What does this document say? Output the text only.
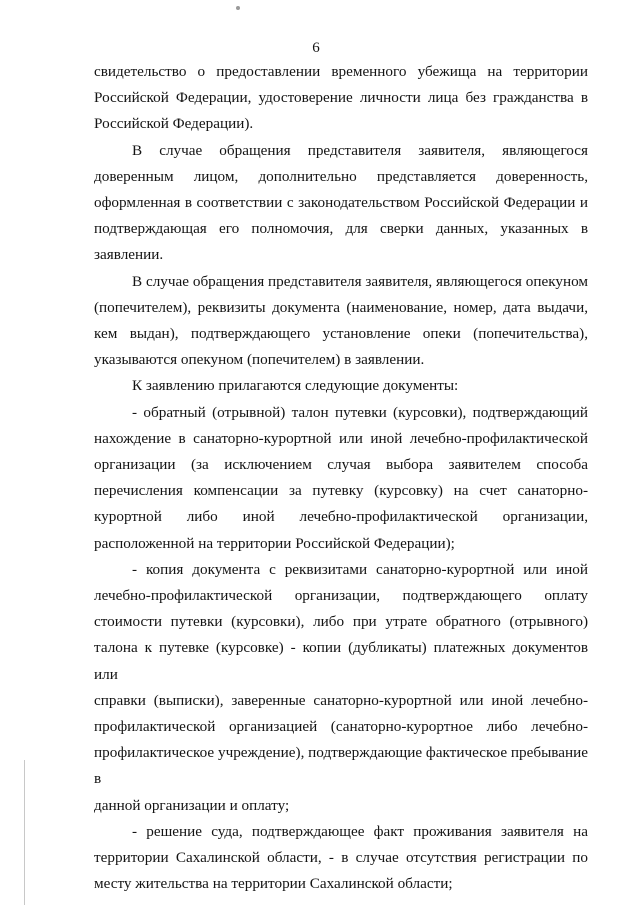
6
свидетельство о предоставлении временного убежища на территории
Российской Федерации, удостоверение личности лица без гражданства в
Российской Федерации).
В случае обращения представителя заявителя, являющегося
доверенным лицом, дополнительно представляется доверенность,
оформленная в соответствии с законодательством Российской Федерации и
подтверждающая его полномочия, для сверки данных, указанных в
заявлении.
В случае обращения представителя заявителя, являющегося опекуном
(попечителем), реквизиты документа (наименование, номер, дата выдачи,
кем выдан), подтверждающего установление опеки (попечительства),
указываются опекуном (попечителем) в заявлении.
К заявлению прилагаются следующие документы:
- обратный (отрывной) талон путевки (курсовки), подтверждающий
нахождение в санаторно-курортной или иной лечебно-профилактической
организации (за исключением случая выбора заявителем способа
перечисления компенсации за путевку (курсовку) на счет санаторно-
курортной либо иной лечебно-профилактической организации,
расположенной на территории Российской Федерации);
- копия документа с реквизитами санаторно-курортной или иной
лечебно-профилактической организации, подтверждающего оплату
стоимости путевки (курсовки), либо при утрате обратного (отрывного)
талона к путевке (курсовке) - копии (дубликаты) платежных документов или
справки (выписки), заверенные санаторно-курортной или иной лечебно-
профилактической организацией (санаторно-курортное либо лечебно-
профилактическое учреждение), подтверждающие фактическое пребывание в
данной организации и оплату;
- решение суда, подтверждающее факт проживания заявителя на
территории Сахалинской области, - в случае отсутствия регистрации по
месту жительства на территории Сахалинской области;
